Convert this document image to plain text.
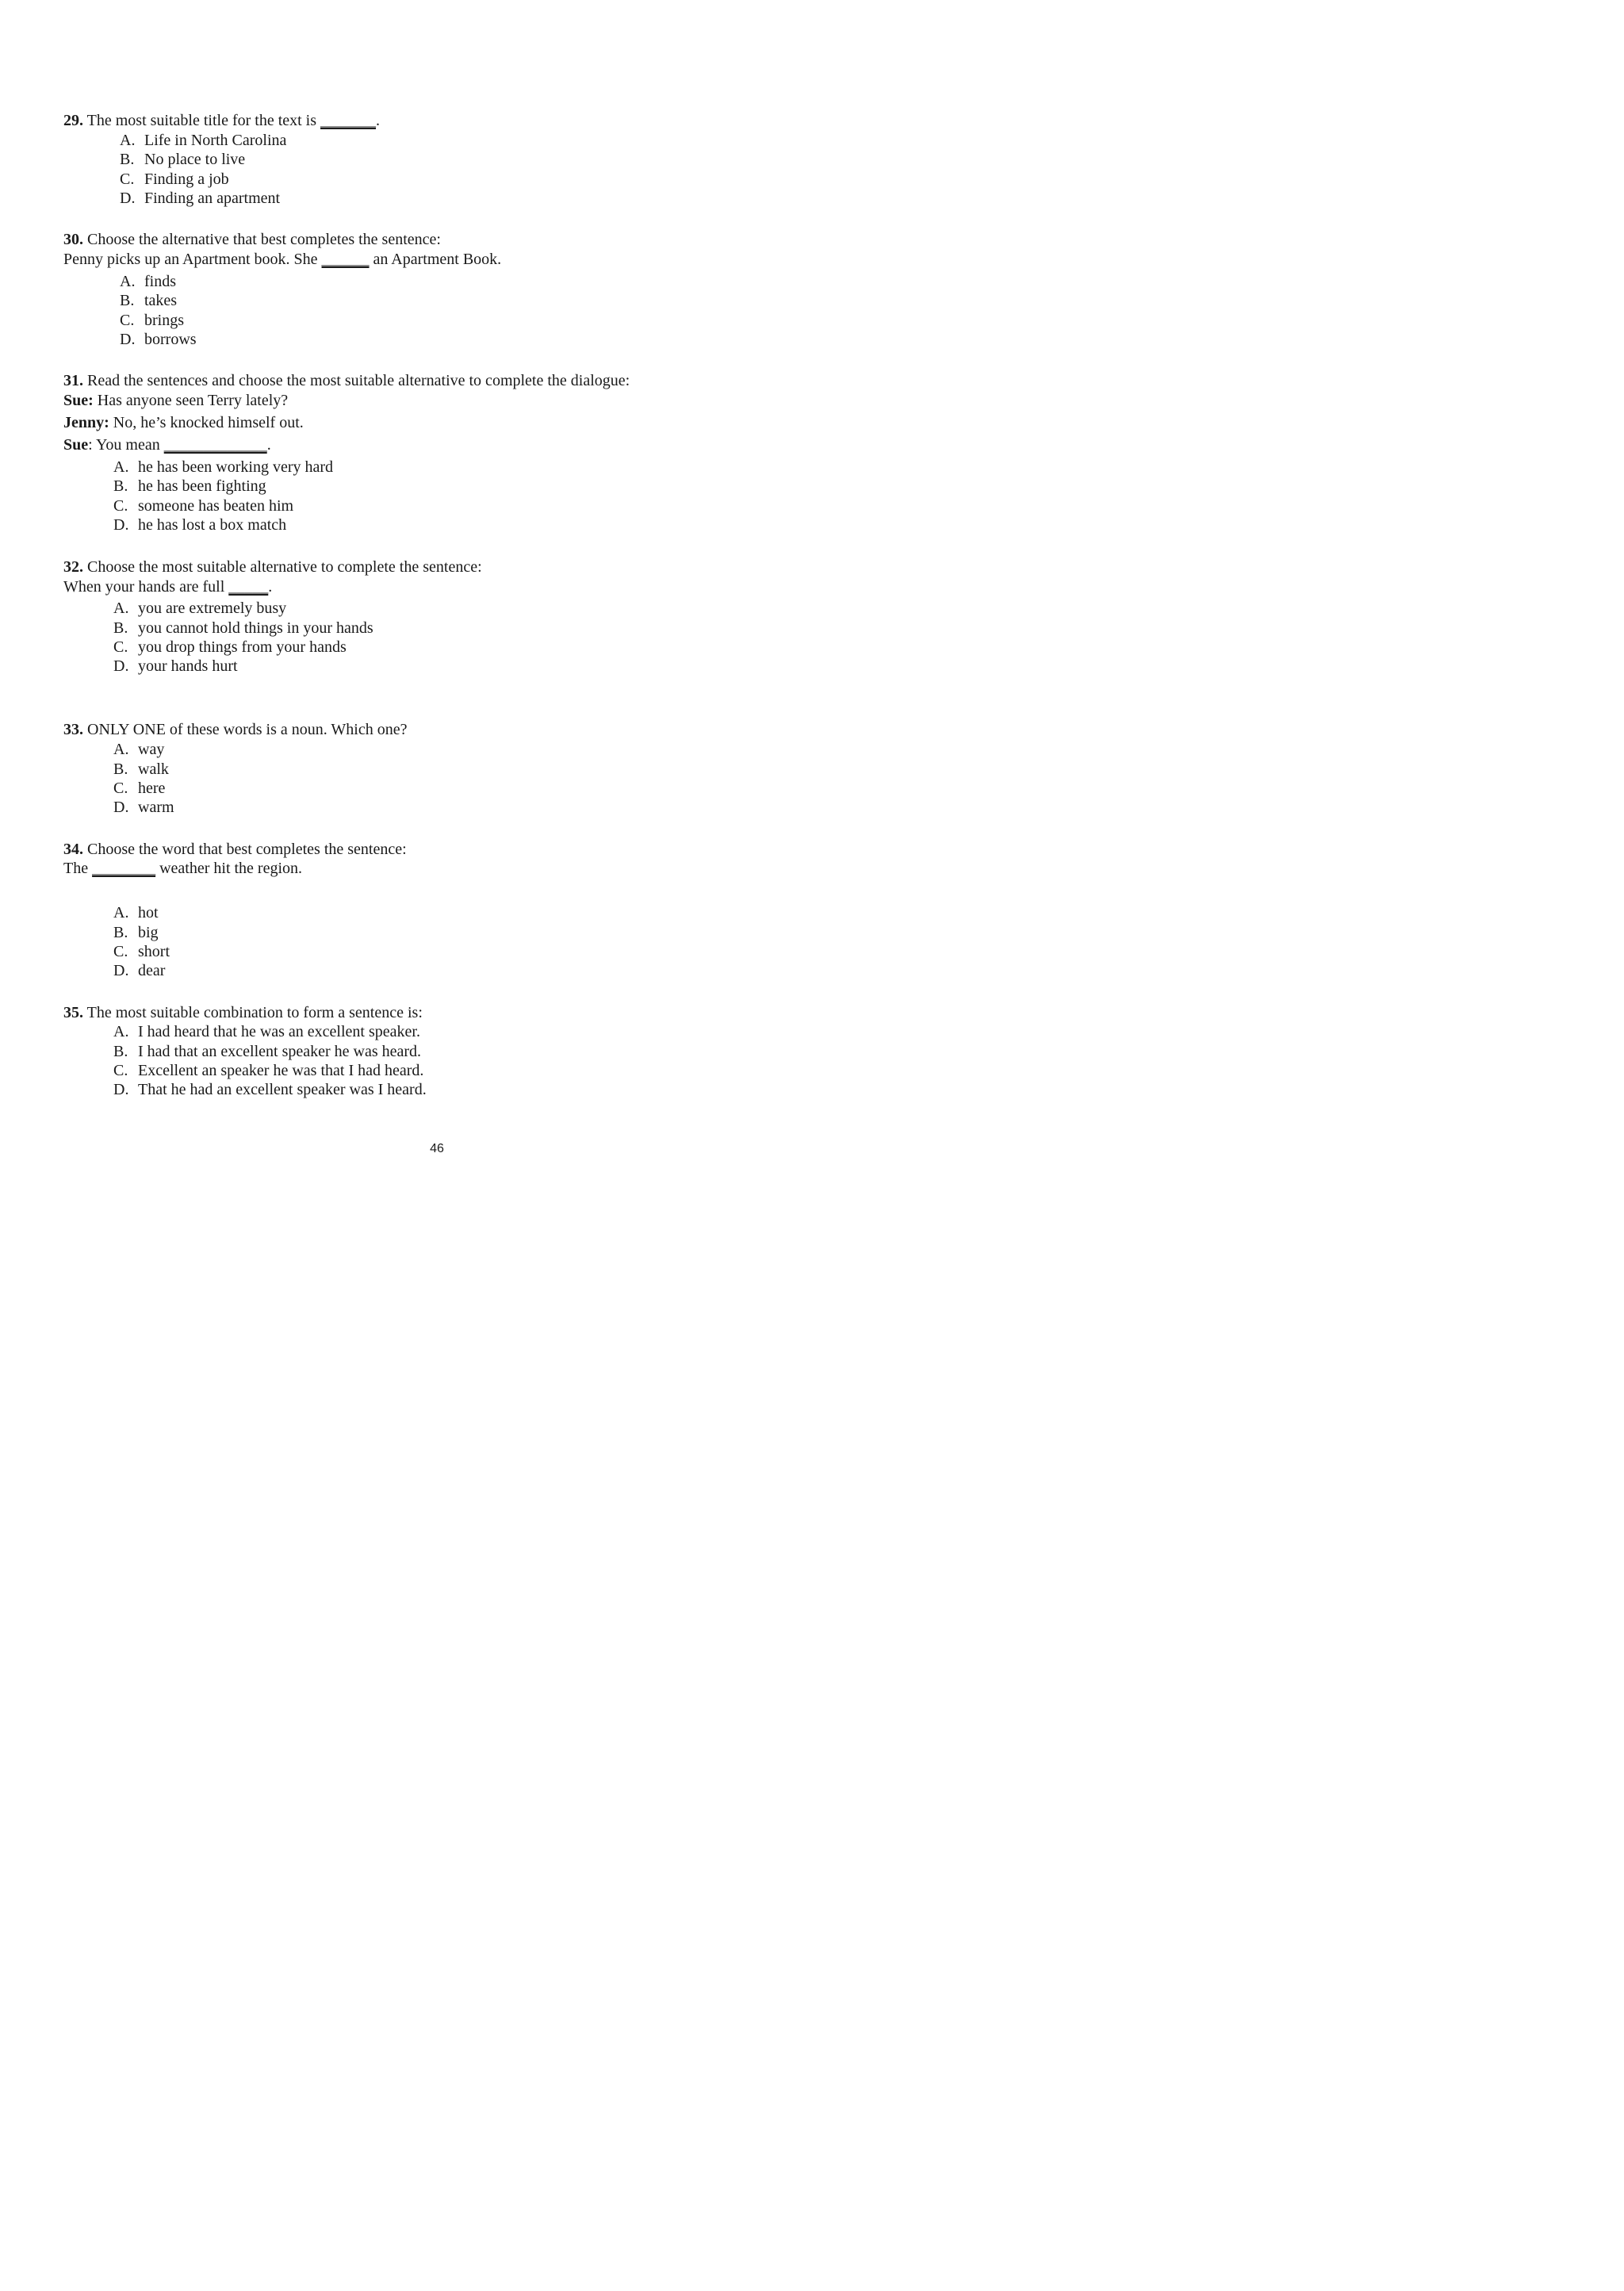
29. The most suitable title for the text is _______.
A. Life in North Carolina
B. No place to live
C. Finding a job
D. Finding an apartment
30. Choose the alternative that best completes the sentence:
Penny picks up an Apartment book. She ______ an Apartment Book.
A. finds
B. takes
C. brings
D. borrows
31. Read the sentences and choose the most suitable alternative to complete the dialogue:
Sue: Has anyone seen Terry lately?
Jenny: No, he’s knocked himself out.
Sue: You mean _____________.
A. he has been working very hard
B. he has been fighting
C. someone has beaten him
D. he has lost a box match
32. Choose the most suitable alternative to complete the sentence:
When your hands are full _____.
A. you are extremely busy
B. you cannot hold things in your hands
C. you drop things from your hands
D. your hands hurt
33. ONLY ONE of these words is a noun. Which one?
A. way
B. walk
C. here
D. warm
34. Choose the word that best completes the sentence:
The ________ weather hit the region.
A. hot
B. big
C. short
D. dear
35. The most suitable combination to form a sentence is:
A. I had heard that he was an excellent speaker.
B. I had that an excellent speaker he was heard.
C. Excellent an speaker he was that I had heard.
D. That he had an excellent speaker was I heard.
46
